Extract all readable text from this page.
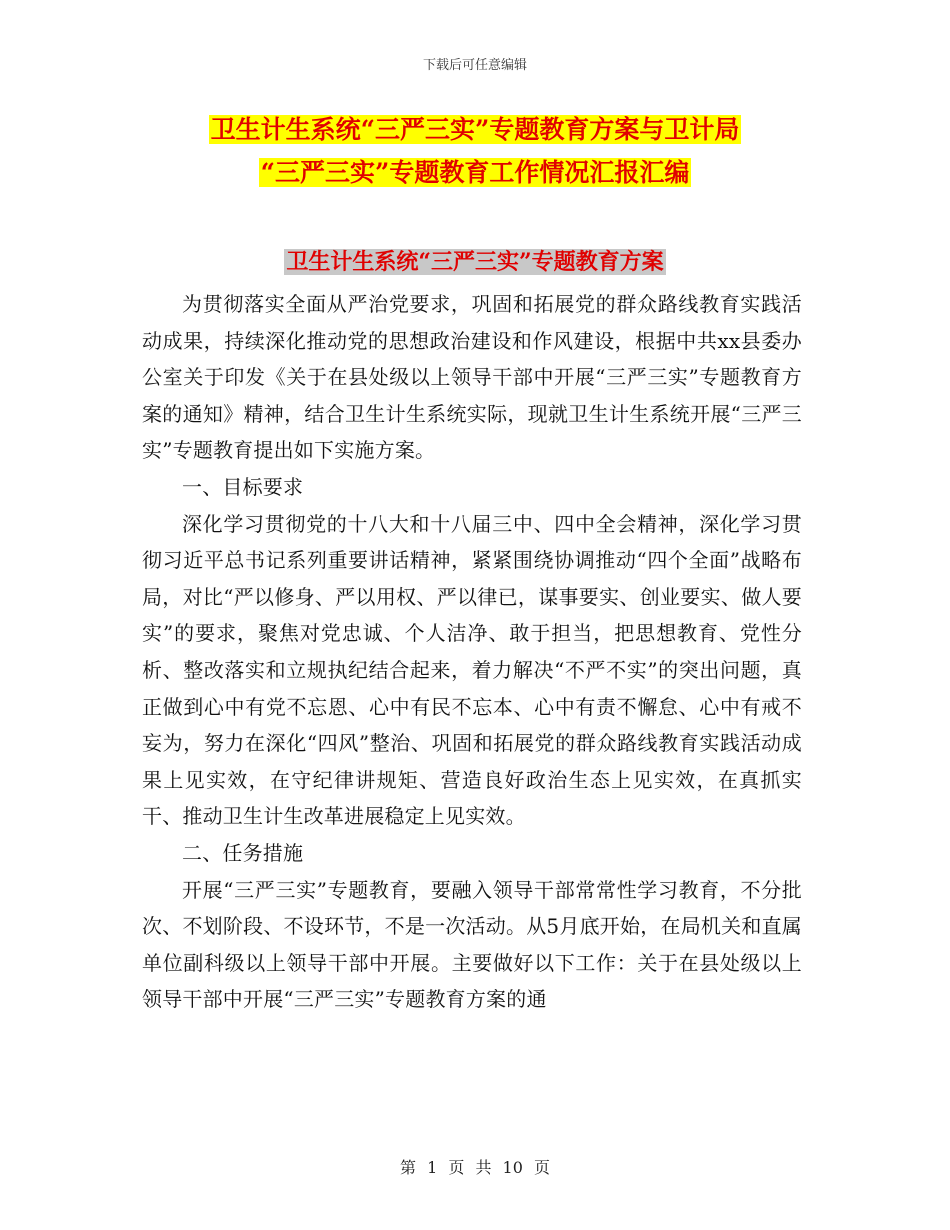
下载后可任意编辑
卫生计生系统“三严三实”专题教育方案与卫计局
“三严三实”专题教育工作情况汇报汇编
卫生计生系统“三严三实”专题教育方案

为贯彻落实全面从严治党要求，巩固和拓展党的群众路线教育实践活动成果，持续深化推动党的思想政治建设和作风建设，根据中共xx县委办公室关于印发《关于在县处级以上领导干部中开展“三严三实”专题教育方案的通知》精神，结合卫生计生系统实际，现就卫生计生系统开展“三严三实”专题教育提出如下实施方案。

一、目标要求

深化学习贯彻党的十八大和十八届三中、四中全会精神，深化学习贯彻习近平总书记系列重要讲话精神，紧紧围绕协调推动“四个全面”战略布局，对比“严以修身、严以用权、严以律已，谋事要实、创业要实、做人要实”的要求，聚焦对党忠诚、个人洁净、敢于担当，把思想教育、党性分析、整改落实和立规执纪结合起来，着力解决“不严不实”的突出问题，真正做到心中有党不忘恩、心中有民不忘本、心中有责不懈怠、心中有戒不妄为，努力在深化“四风”整治、巩固和拓展党的群众路线教育实践活动成果上见实效，在守纪律讲规矩、营造良好政治生态上见实效，在真抓实干、推动卫生计生改革进展稳定上见实效。

二、任务措施

开展“三严三实”专题教育，要融入领导干部常常性学习教育，不分批次、不划阶段、不设环节，不是一次活动。从5月底开始，在局机关和直属单位副科级以上领导干部中开展。主要做好以下工作：关于在县处级以上领导干部中开展“三严三实”专题教育方案的通

第 1 页 共 10 页
